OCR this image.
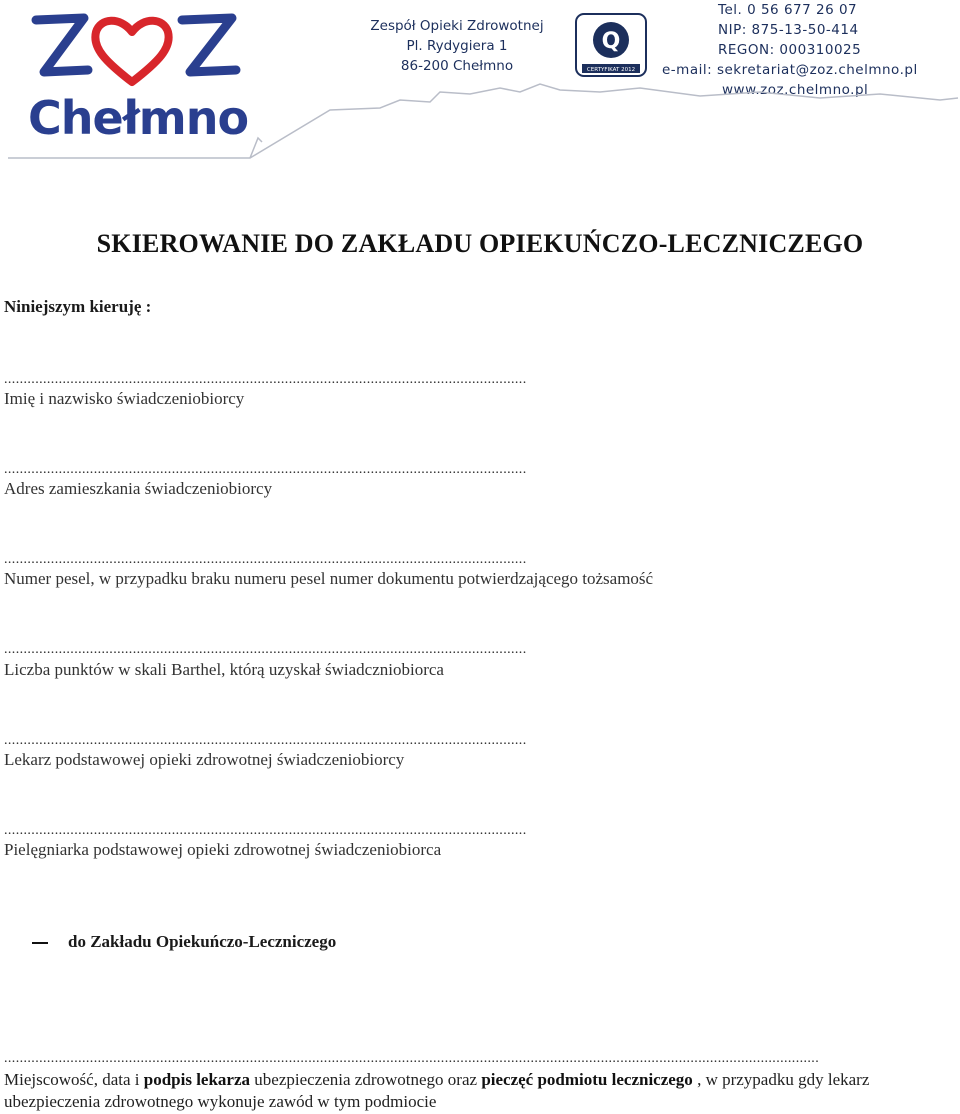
Chełmno
Zespół Opieki Zdrowotnej
Pl. Rydygiera 1
86-200 Chełmno
Q
CERTYFIKAT 2012
Tel. 0 56 677 26 07
NIP: 875-13-50-414
REGON: 000310025
e-mail: sekretariat@zoz.chelmno.pl
www.zoz.chelmno.pl
SKIEROWANIE DO ZAKŁADU OPIEKUŃCZO-LECZNICZEGO
Niniejszym kieruję :
......................................................................................................................................
Imię i nazwisko świadczeniobiorcy
......................................................................................................................................
Adres zamieszkania świadczeniobiorcy
......................................................................................................................................
Numer pesel, w przypadku braku numeru pesel numer dokumentu potwierdzającego tożsamość
......................................................................................................................................
Liczba punktów w skali Barthel, którą uzyskał świadczniobiorca
......................................................................................................................................
Lekarz podstawowej opieki zdrowotnej świadczeniobiorcy
......................................................................................................................................
Pielęgniarka podstawowej opieki zdrowotnej świadczeniobiorca
do Zakładu Opiekuńczo-Leczniczego
.................................................................................................................................................................................................................
Miejscowość, data i podpis lekarza ubezpieczenia zdrowotnego oraz pieczęć podmiotu leczniczego , w przypadku gdy lekarz ubezpieczenia zdrowotnego wykonuje zawód w tym podmiocie
